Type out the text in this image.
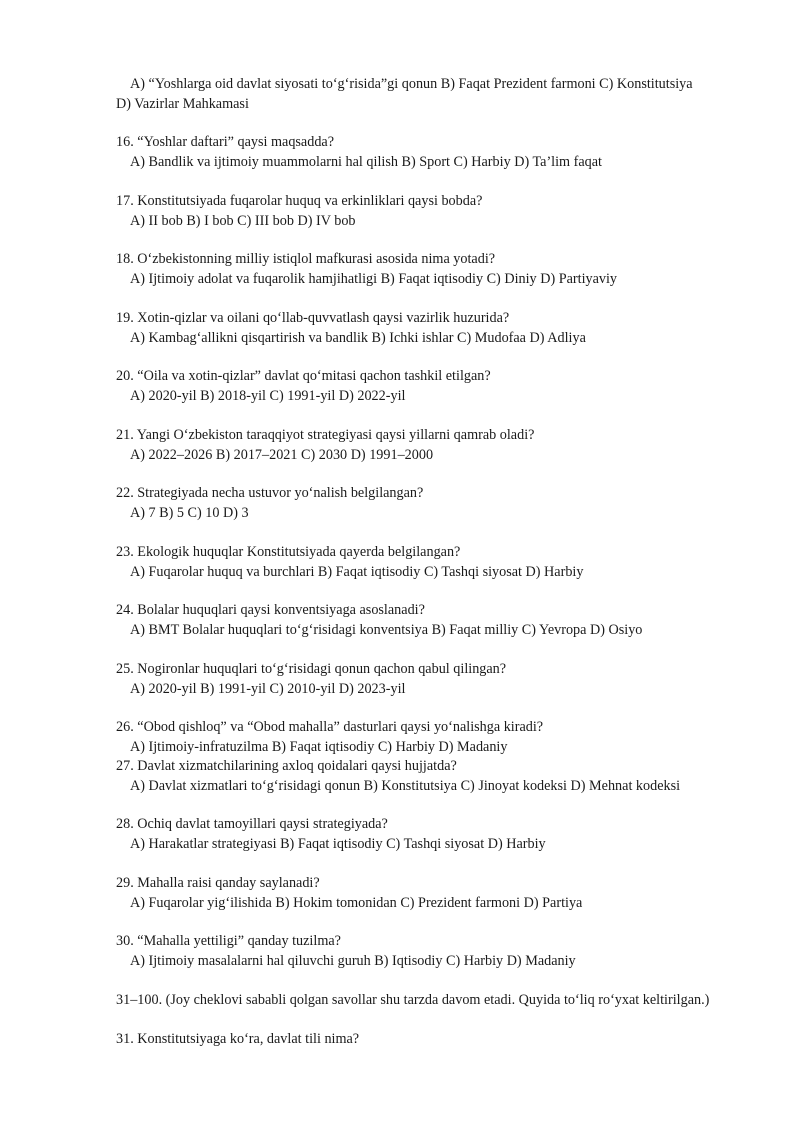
A) “Yoshlarga oid davlat siyosati to‘g‘risida”gi qonun B) Faqat Prezident farmoni C) Konstitutsiya
D) Vazirlar Mahkamasi
16. “Yoshlar daftari” qaysi maqsadda?
A) Bandlik va ijtimoiy muammolarni hal qilish B) Sport C) Harbiy D) Ta’lim faqat
17. Konstitutsiyada fuqarolar huquq va erkinliklari qaysi bobda?
A) II bob B) I bob C) III bob D) IV bob
18. O‘zbekistonning milliy istiqlol mafkurasi asosida nima yotadi?
A) Ijtimoiy adolat va fuqarolik hamjihatligi B) Faqat iqtisodiy C) Diniy D) Partiyaviy
19. Xotin-qizlar va oilani qo‘llab-quvvatlash qaysi vazirlik huzurida?
A) Kambag‘allikni qisqartirish va bandlik B) Ichki ishlar C) Mudofaa D) Adliya
20. “Oila va xotin-qizlar” davlat qo‘mitasi qachon tashkil etilgan?
A) 2020-yil B) 2018-yil C) 1991-yil D) 2022-yil
21. Yangi O‘zbekiston taraqqiyot strategiyasi qaysi yillarni qamrab oladi?
A) 2022–2026 B) 2017–2021 C) 2030 D) 1991–2000
22. Strategiyada necha ustuvor yo‘nalish belgilangan?
A) 7 B) 5 C) 10 D) 3
23. Ekologik huquqlar Konstitutsiyada qayerda belgilangan?
A) Fuqarolar huquq va burchlari B) Faqat iqtisodiy C) Tashqi siyosat D) Harbiy
24. Bolalar huquqlari qaysi konventsiyaga asoslanadi?
A) BMT Bolalar huquqlari to‘g‘risidagi konventsiya B) Faqat milliy C) Yevropa D) Osiyo
25. Nogironlar huquqlari to‘g‘risidagi qonun qachon qabul qilingan?
A) 2020-yil B) 1991-yil C) 2010-yil D) 2023-yil
26. “Obod qishloq” va “Obod mahalla” dasturlari qaysi yo‘nalishga kiradi?
A) Ijtimoiy-infratuzilma B) Faqat iqtisodiy C) Harbiy D) Madaniy
27. Davlat xizmatchilarining axloq qoidalari qaysi hujjatda?
A) Davlat xizmatlari to‘g‘risidagi qonun B) Konstitutsiya C) Jinoyat kodeksi D) Mehnat kodeksi
28. Ochiq davlat tamoyillari qaysi strategiyada?
A) Harakatlar strategiyasi B) Faqat iqtisodiy C) Tashqi siyosat D) Harbiy
29. Mahalla raisi qanday saylanadi?
A) Fuqarolar yig‘ilishida B) Hokim tomonidan C) Prezident farmoni D) Partiya
30. “Mahalla yettiligi” qanday tuzilma?
A) Ijtimoiy masalalarni hal qiluvchi guruh B) Iqtisodiy C) Harbiy D) Madaniy
31–100. (Joy cheklovi sababli qolgan savollar shu tarzda davom etadi. Quyida to‘liq ro‘yxat keltirilgan.)
31. Konstitutsiyaga ko‘ra, davlat tili nima?
